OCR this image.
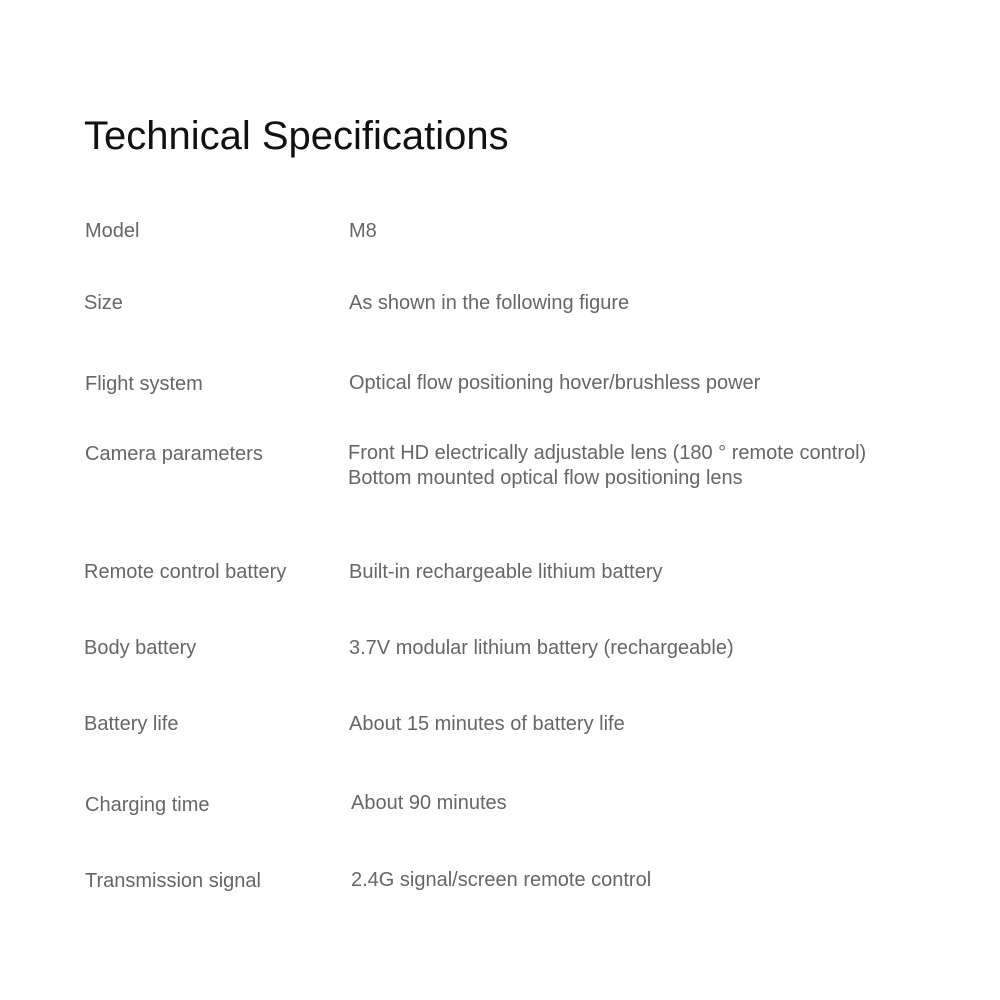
Technical Specifications
Model	M8
Size	As shown in the following figure
Flight system	Optical flow positioning hover/brushless power
Camera parameters	Front HD electrically adjustable lens (180 ° remote control)
Bottom mounted optical flow positioning lens
Remote control battery	Built-in rechargeable lithium battery
Body battery	3.7V modular lithium battery (rechargeable)
Battery life	About 15 minutes of battery life
Charging time	About 90 minutes
Transmission signal	2.4G signal/screen remote control
